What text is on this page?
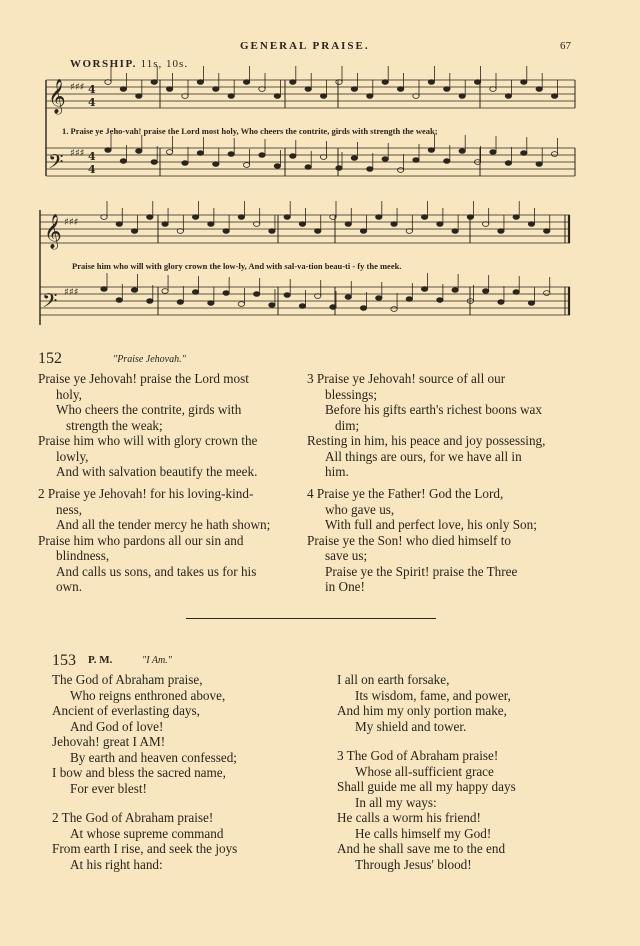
GENERAL PRAISE.	67
WORSHIP. 11s, 10s.
𝄞
𝄢
𝄞
𝄢
♯♯♯
♯♯♯
♯♯♯
♯♯♯
4
4
4
4
1. Praise ye Jeho-vah! praise the Lord most holy, Who cheers the contrite, girds with strength the weak;
Praise him who will with glory crown the low-ly, And with sal-va-tion beau-ti - fy the meek.
152	"Praise Jehovah."
Praise ye Jehovah! praise the Lord most
holy,
Who cheers the contrite, girds with
strength the weak;
Praise him who will with glory crown the
lowly,
And with salvation beautify the meek.
2 Praise ye Jehovah! for his loving-kind-
ness,
And all the tender mercy he hath shown;
Praise him who pardons all our sin and
blindness,
And calls us sons, and takes us for his
own.
3 Praise ye Jehovah! source of all our
blessings;
Before his gifts earth's richest boons wax
dim;
Resting in him, his peace and joy possessing,
All things are ours, for we have all in
him.
4 Praise ye the Father! God the Lord,
who gave us,
With full and perfect love, his only Son;
Praise ye the Son! who died himself to
save us;
Praise ye the Spirit! praise the Three
in One!
153 P. M.	"I Am."
The God of Abraham praise,
Who reigns enthroned above,
Ancient of everlasting days,
And God of love!
Jehovah! great I AM!
By earth and heaven confessed;
I bow and bless the sacred name,
For ever blest!
2 The God of Abraham praise!
At whose supreme command
From earth I rise, and seek the joys
At his right hand:
I all on earth forsake,
Its wisdom, fame, and power,
And him my only portion make,
My shield and tower.
3 The God of Abraham praise!
Whose all-sufficient grace
Shall guide me all my happy days
In all my ways:
He calls a worm his friend!
He calls himself my God!
And he shall save me to the end
Through Jesus' blood!
